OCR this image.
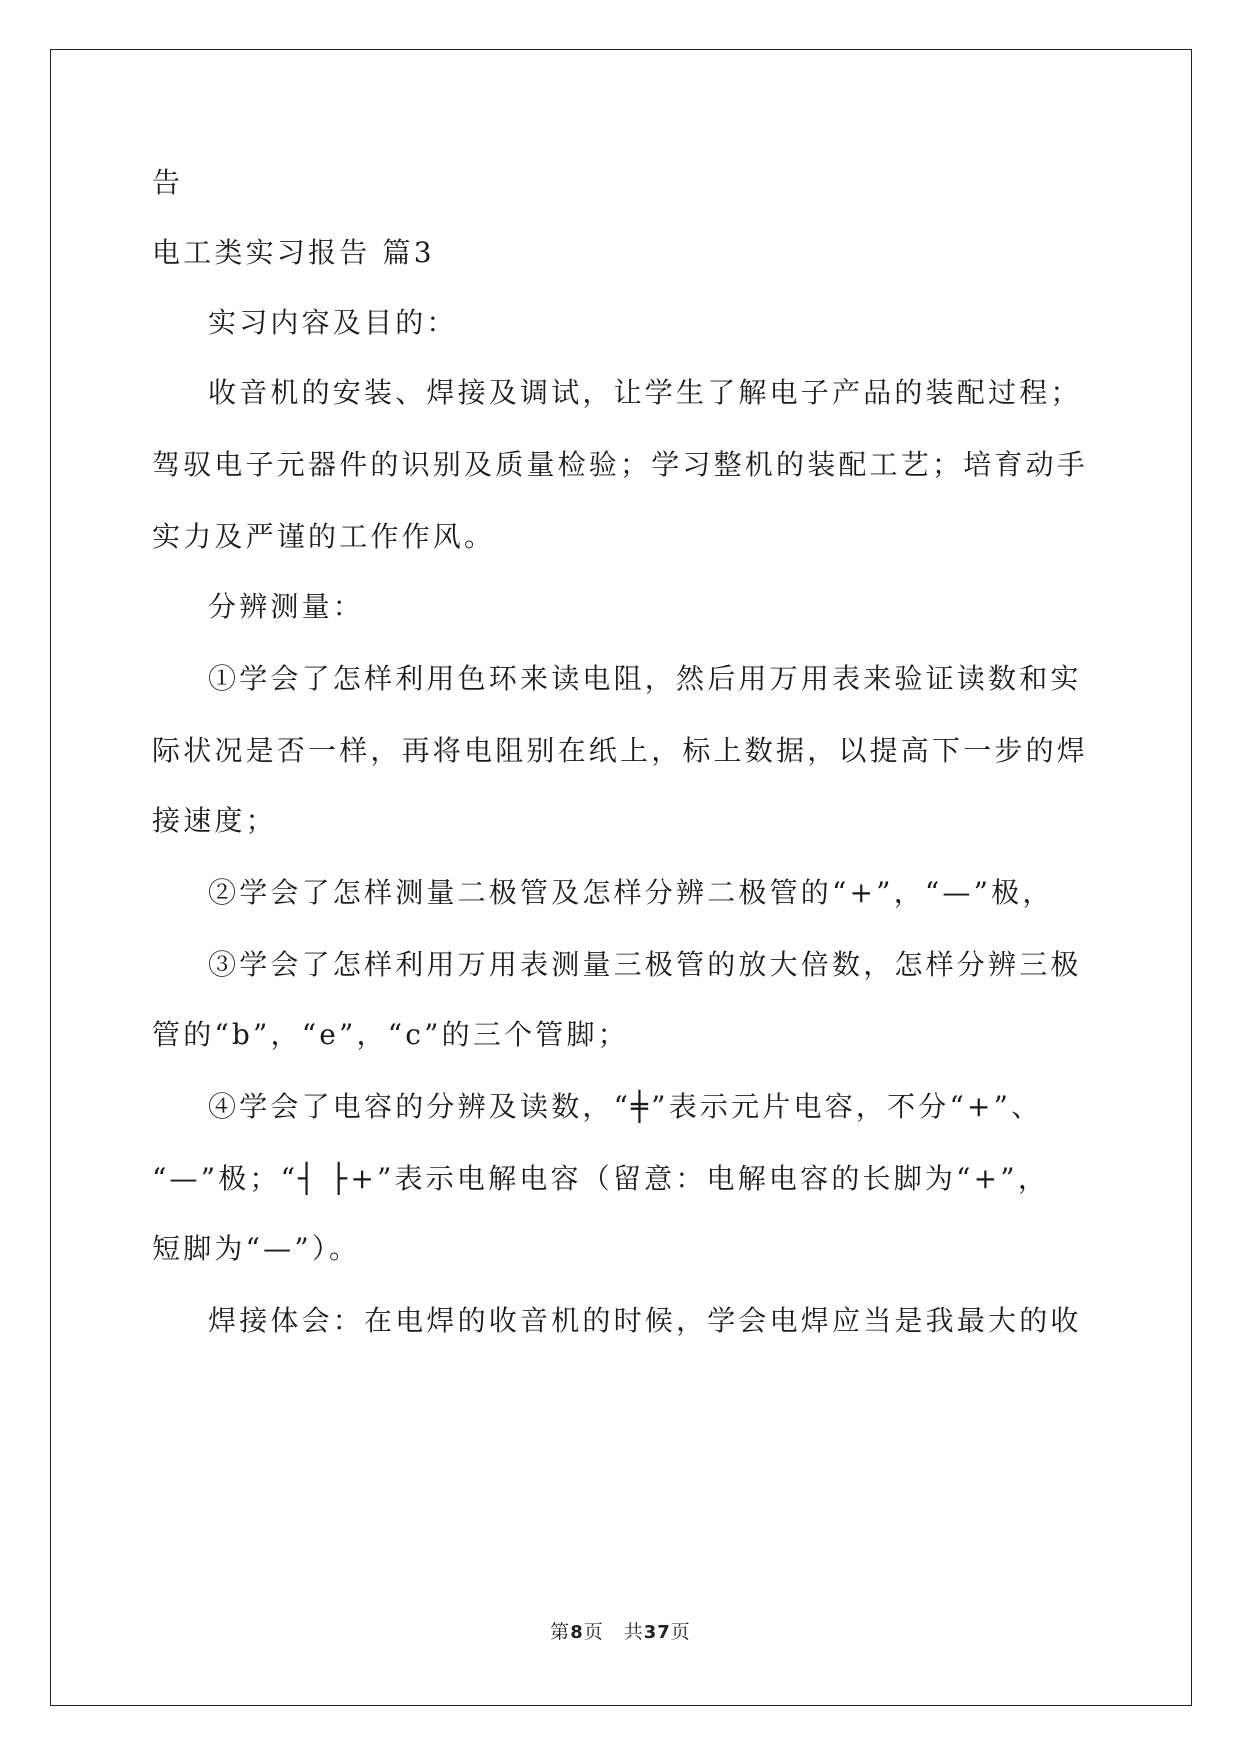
告
电工类实习报告 篇3
实习内容及目的：
收音机的安装、焊接及调试，让学生了解电子产品的装配过程；
驾驭电子元器件的识别及质量检验；学习整机的装配工艺；培育动手
实力及严谨的工作作风。
分辨测量：
①学会了怎样利用色环来读电阻，然后用万用表来验证读数和实
际状况是否一样，再将电阻别在纸上，标上数据，以提高下一步的焊
接速度；
②学会了怎样测量二极管及怎样分辨二极管的“+”，“—”极，
③学会了怎样利用万用表测量三极管的放大倍数，怎样分辨三极
管的“b”，“e”，“c”的三个管脚；
④学会了电容的分辨及读数，“╪”表示元片电容，不分“+”、
“—”极；“┤ ├+”表示电解电容（留意：电解电容的长脚为“+”，
短脚为“—”）。
焊接体会：在电焊的收音机的时候，学会电焊应当是我最大的收
第8页　共37页
